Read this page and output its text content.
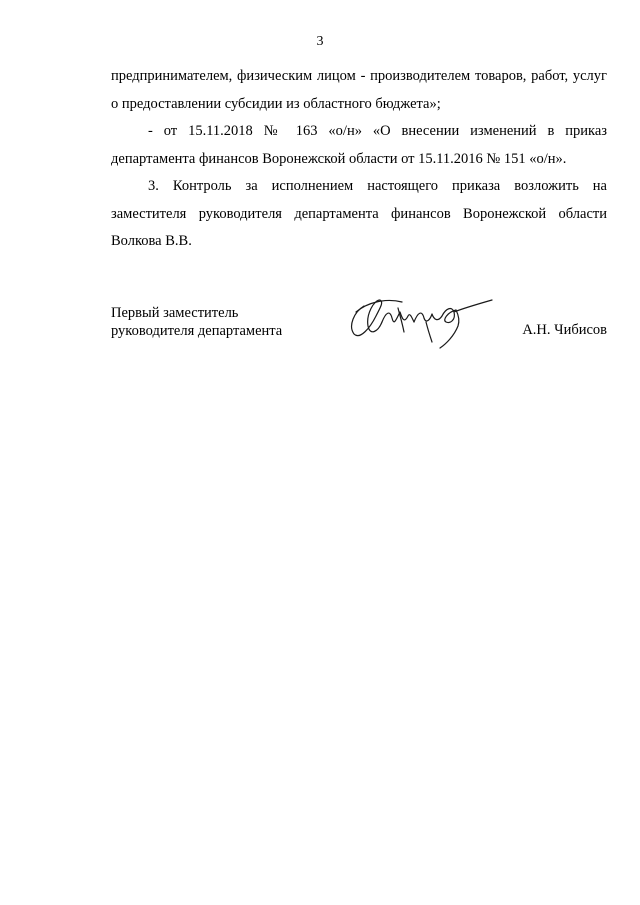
3

предпринимателем, физическим лицом - производителем товаров, работ, услуг о предоставлении субсидии из областного бюджета»;

- от 15.11.2018 № 163 «о/н» «О внесении изменений в приказ департамента финансов Воронежской области от 15.11.2016 № 151 «о/н».

3. Контроль за исполнением настоящего приказа возложить на заместителя руководителя департамента финансов Воронежской области Волкова В.В.

Первый заместитель
руководителя департамента	А.Н. Чибисов
